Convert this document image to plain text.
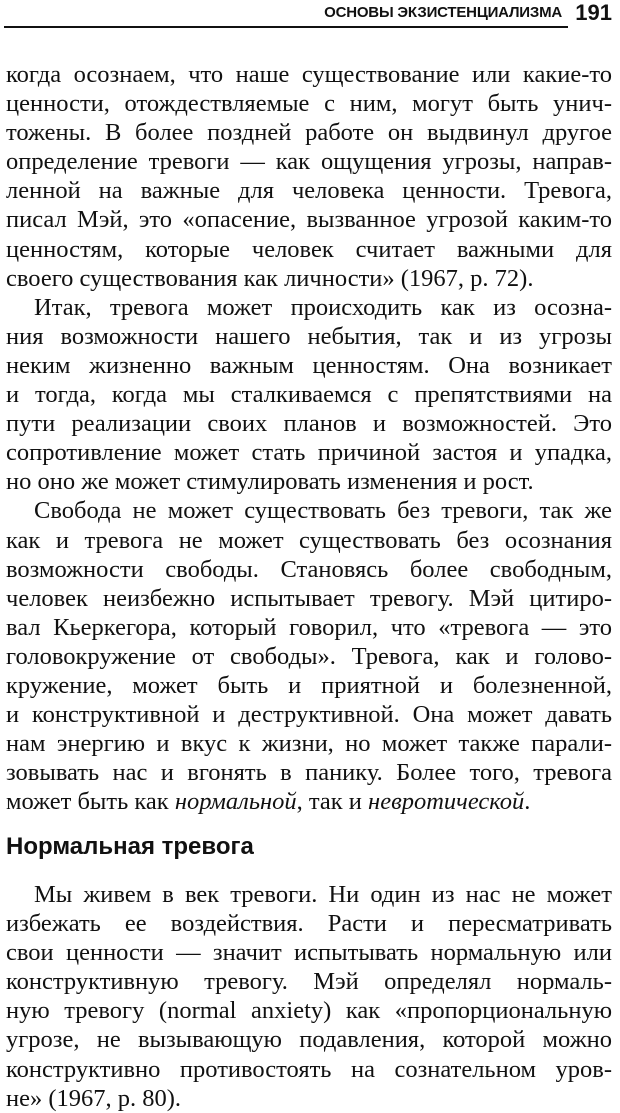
ОСНОВЫ ЭКЗИСТЕНЦИАЛИЗМА 191
когда осознаем, что наше существование или какие-то
ценности, отождествляемые с ним, могут быть унич-
тожены. В более поздней работе он выдвинул другое
определение тревоги — как ощущения угрозы, направ-
ленной на важные для человека ценности. Тревога,
писал Мэй, это «опасение, вызванное угрозой каким-то
ценностям, которые человек считает важными для
своего существования как личности» (1967, p. 72).
Итак, тревога может происходить как из осозна-
ния возможности нашего небытия, так и из угрозы
неким жизненно важным ценностям. Она возникает
и тогда, когда мы сталкиваемся с препятствиями на
пути реализации своих планов и возможностей. Это
сопротивление может стать причиной застоя и упадка,
но оно же может стимулировать изменения и рост.
Свобода не может существовать без тревоги, так же
как и тревога не может существовать без осознания
возможности свободы. Становясь более свободным,
человек неизбежно испытывает тревогу. Мэй цитиро-
вал Кьеркегора, который говорил, что «тревога — это
головокружение от свободы». Тревога, как и голово-
кружение, может быть и приятной и болезненной,
и конструктивной и деструктивной. Она может давать
нам энергию и вкус к жизни, но может также парали-
зовывать нас и вгонять в панику. Более того, тревога
может быть как нормальной, так и невротической.
Нормальная тревога
Мы живем в век тревоги. Ни один из нас не может
избежать ее воздействия. Расти и пересматривать
свои ценности — значит испытывать нормальную или
конструктивную тревогу. Мэй определял нормаль-
ную тревогу (normal anxiety) как «пропорциональную
угрозе, не вызывающую подавления, которой можно
конструктивно противостоять на сознательном уров-
не» (1967, p. 80).
